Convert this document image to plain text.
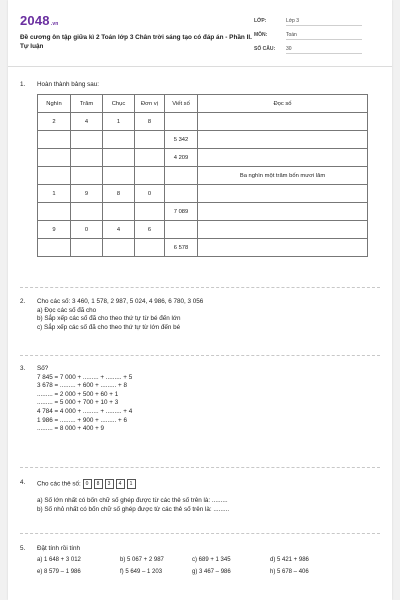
2048.vn
Đề cương ôn tập giữa kì 2 Toán lớp 3 Chân trời sáng tạo có đáp án - Phần II. Tự luận
LỚP:	Lớp 3
MÔN:	Toán
SỐ CÂU: 30
1. Hoàn thành bảng sau:
Nghìn	Trăm	Chục	Đơn vị	Viết số	Đọc số
2	4	1	8		
				5 342	
				4 209	
					Ba nghìn một trăm bốn mươi lăm
1	9	8	0		
				7 089	
9	0	4	6		
				6 578	
2. Cho các số: 3 460, 1 578, 2 987, 5 024, 4 986, 6 780, 3 056
a) Đọc các số đã cho
b) Sắp xếp các số đã cho theo thứ tự từ bé đến lớn
c) Sắp xếp các số đã cho theo thứ tự từ lớn đến bé
3. Số?
7 845 = 7 000 + ......... + ......... + 5
3 678 = ......... + 600 + ......... + 8
......... = 2 000 + 500 + 60 + 1
......... = 5 000 + 700 + 10 + 3
4 784 = 4 000 + ......... + ......... + 4
1 986 = ......... + 900 + ......... + 6
......... = 8 000 + 400 + 9
4. Cho các thẻ số: 0 8 3 4 1
a) Số lớn nhất có bốn chữ số ghép được từ các thẻ số trên là: .........
b) Số nhỏ nhất có bốn chữ số ghép được từ các thẻ số trên là: .........
5. Đặt tính rồi tính
a) 1 648 + 3 012	b) 5 067 + 2 987	c) 689 + 1 345	d) 5 421 + 986
e) 8 579 – 1 986	f) 5 649 – 1 203	g) 3 467 – 986	h) 5 678 – 406
